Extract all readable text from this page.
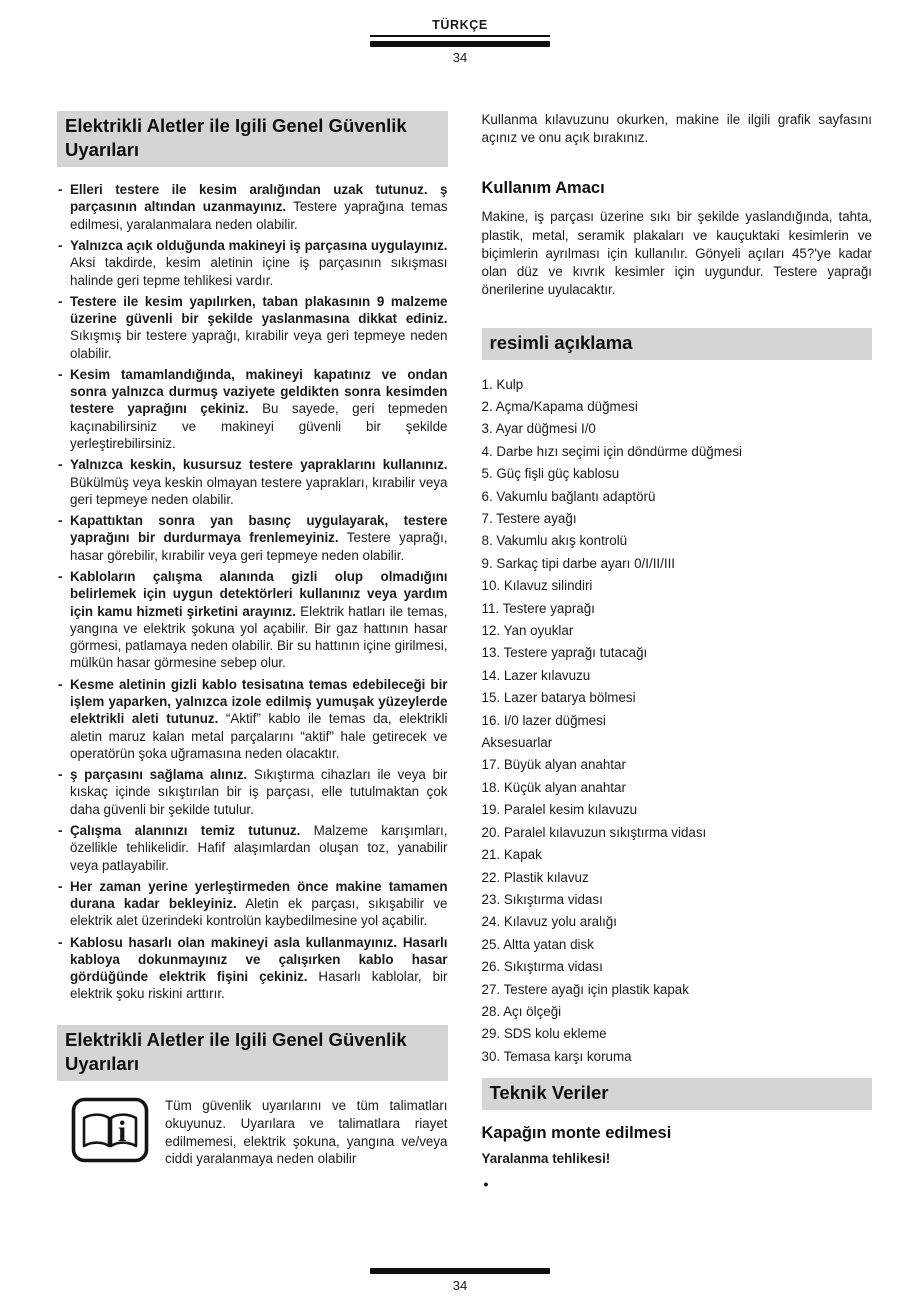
TÜRKÇE
34
Elektrikli Aletler ile Igili Genel Güvenlik Uyarıları
- Elleri testere ile kesim aralığından uzak tutunuz. ş parçasının altından uzanmayınız. Testere yaprağına temas edilmesi, yaralanmalara neden olabilir.
- Yalnızca açık olduğunda makineyi iş parçasına uygulayınız. Aksi takdirde, kesim aletinin içine iş parçasının sıkışması halinde geri tepme tehlikesi vardır.
- Testere ile kesim yapılırken, taban plakasının 9 malzeme üzerine güvenli bir şekilde yaslanmasına dikkat ediniz. Sıkışmış bir testere yaprağı, kırabilir veya geri tepmeye neden olabilir.
- Kesim tamamlandığında, makineyi kapatınız ve ondan sonra yalnızca durmuş vaziyete geldikten sonra kesimden testere yaprağını çekiniz. Bu sayede, geri tepmeden kaçınabilirsiniz ve makineyi güvenli bir şekilde yerleştirebilirsiniz.
- Yalnızca keskin, kusursuz testere yapraklarını kullanınız. Bükülmüş veya keskin olmayan testere yaprakları, kırabilir veya geri tepmeye neden olabilir.
- Kapattıktan sonra yan basınç uygulayarak, testere yaprağını bir durdurmaya frenlemeyiniz. Testere yaprağı, hasar görebilir, kırabilir veya geri tepmeye neden olabilir.
- Kabloların çalışma alanında gizli olup olmadığını belirlemek için uygun detektörleri kullanınız veya yardım için kamu hizmeti şirketini arayınız. Elektrik hatları ile temas, yangına ve elektrik şokuna yol açabilir. Bir gaz hattının hasar görmesi, patlamaya neden olabilir. Bir su hattının içine girilmesi, mülkün hasar görmesine sebep olur.
- Kesme aletinin gizli kablo tesisatına temas edebileceği bir işlem yaparken, yalnızca izole edilmiş yumuşak yüzeylerde elektrikli aleti tutunuz. “Aktif” kablo ile temas da, elektrikli aletin maruz kalan metal parçalarını “aktif” hale getirecek ve operatörün şoka uğramasına neden olacaktır.
- ş parçasını sağlama alınız. Sıkıştırma cihazları ile veya bir kıskaç içinde sıkıştırılan bir iş parçası, elle tutulmaktan çok daha güvenli bir şekilde tutulur.
- Çalışma alanınızı temiz tutunuz. Malzeme karışımları, özellikle tehlikelidir. Hafif alaşımlardan oluşan toz, yanabilir veya patlayabilir.
- Her zaman yerine yerleştirmeden önce makine tamamen durana kadar bekleyiniz. Aletin ek parçası, sıkışabilir ve elektrik alet üzerindeki kontrolün kaybedilmesine yol açabilir.
- Kablosu hasarlı olan makineyi asla kullanmayınız. Hasarlı kabloya dokunmayınız ve çalışırken kablo hasar gördüğünde elektrik fişini çekiniz. Hasarlı kablolar, bir elektrik şoku riskini arttırır.
Elektrikli Aletler ile Igili Genel Güvenlik Uyarıları
i

Tüm güvenlik uyarılarını ve tüm talimatları okuyunuz. Uyarılara ve talimatlara riayet edilmemesi, elektrik şokuna, yangına ve/veya ciddi yaralanmaya neden olabilir

Kullanma kılavuzunu okurken, makine ile ilgili grafik sayfasını açınız ve onu açık bırakınız.

Kullanım Amacı

Makine, iş parçası üzerine sıkı bir şekilde yaslandığında, tahta, plastik, metal, seramik plakaları ve kauçuktaki kesimlerin ve biçimlerin ayrılması için kullanılır. Gönyeli açıları 45?'ye kadar olan düz ve kıvrık kesimler için uygundur. Testere yaprağı önerilerine uyulacaktır.

resimli açıklama
1. Kulp
2. Açma/Kapama düğmesi
3. Ayar düğmesi I/0
4. Darbe hızı seçimi için döndürme düğmesi
5. Güç fişli güç kablosu
6. Vakumlu bağlantı adaptörü
7. Testere ayağı
8. Vakumlu akış kontrolü
9. Sarkaç tipi darbe ayarı 0/I/II/III
10. Kılavuz silindiri
11. Testere yaprağı
12. Yan oyuklar
13. Testere yaprağı tutacağı
14. Lazer kılavuzu
15. Lazer batarya bölmesi
16. I/0 lazer düğmesi
Aksesuarlar
17. Büyük alyan anahtar
18. Küçük alyan anahtar
19. Paralel kesim kılavuzu
20. Paralel kılavuzun sıkıştırma vidası
21. Kapak
22. Plastik kılavuz
23. Sıkıştırma vidası
24. Kılavuz yolu aralığı
25. Altta yatan disk
26. Sıkıştırma vidası
27. Testere ayağı için plastik kapak
28. Açı ölçeği
29. SDS kolu ekleme
30. Temasa karşı koruma
Teknik Veriler
Kapağın monte edilmesi

Yaralanma tehlikesi!

•
34
